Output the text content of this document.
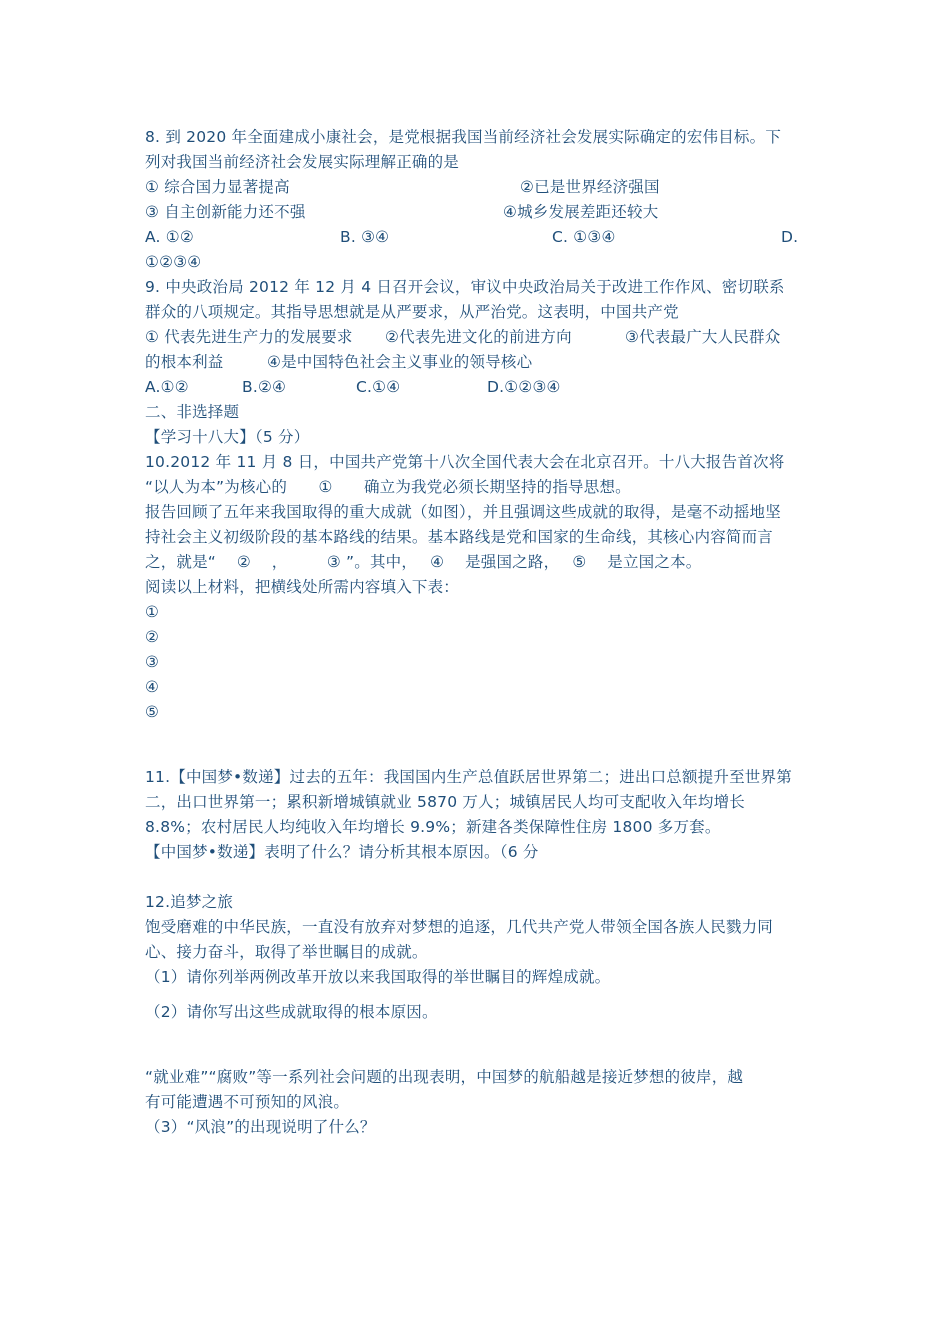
8. 到 2020 年全面建成小康社会，是党根据我国当前经济社会发展实际确定的宏伟目标。下
列对我国当前经济社会发展实际理解正确的是
① 综合国力显著提高	②已是世界经济强国
③ 自主创新能力还不强	④城乡发展差距还较大
A. ①②	B. ③④	C. ①③④	D.
①②③④
9. 中央政治局 2012 年 12 月 4 日召开会议，审议中央政治局关于改进工作作风、密切联系
群众的八项规定。其指导思想就是从严要求，从严治党。这表明，中国共产党
① 代表先进生产力的发展要求 ②代表先进文化的前进方向	③代表最广大人民群众
的根本利益	④是中国特色社会主义事业的领导核心
A.①②	B.②④	C.①④	D.①②③④
二、非选择题
【学习十八大】（5 分）
10.2012 年 11 月 8 日，中国共产党第十八次全国代表大会在北京召开。十八大报告首次将
“以人为本”为核心的　　①　　确立为我党必须长期坚持的指导思想。
报告回顾了五年来我国取得的重大成就（如图），并且强调这些成就的取得，是毫不动摇地坚
持社会主义初级阶段的基本路线的结果。基本路线是党和国家的生命线，其核心内容简而言
之，就是“　 ②　 ，　　　③ ”。其中，　 ④　 是强国之路，　 ⑤　 是立国之本。
阅读以上材料，把横线处所需内容填入下表：
①
②
③
④
⑤
11.【中国梦•数递】过去的五年：我国国内生产总值跃居世界第二；进出口总额提升至世界第
二，出口世界第一；累积新增城镇就业 5870 万人；城镇居民人均可支配收入年均增长
8.8%；农村居民人均纯收入年均增长 9.9%；新建各类保障性住房 1800 多万套。
【中国梦•数递】表明了什么？请分析其根本原因。（6 分
12.追梦之旅
饱受磨难的中华民族，一直没有放弃对梦想的追逐，几代共产党人带领全国各族人民戮力同
心、接力奋斗，取得了举世瞩目的成就。
（1）请你列举两例改革开放以来我国取得的举世瞩目的辉煌成就。
（2）请你写出这些成就取得的根本原因。
“就业难”“腐败”等一系列社会问题的出现表明，中国梦的航船越是接近梦想的彼岸，越
有可能遭遇不可预知的风浪。
（3）“风浪”的出现说明了什么？
